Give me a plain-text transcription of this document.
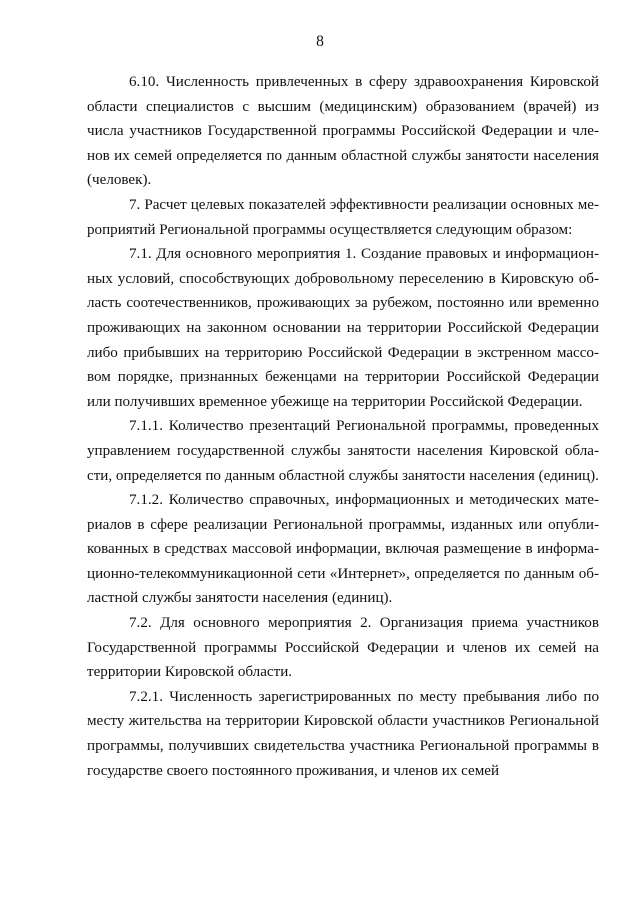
8

6.10. Численность привлеченных в сферу здравоохранения Кировской области специалистов с высшим (медицинским) образованием (врачей) из числа участников Государственной программы Российской Федерации и членов их семей определяется по данным областной службы занятости населения (человек).

7. Расчет целевых показателей эффективности реализации основных мероприятий Региональной программы осуществляется следующим образом:

7.1. Для основного мероприятия 1. Создание правовых и информационных условий, способствующих добровольному переселению в Кировскую область соотечественников, проживающих за рубежом, постоянно или временно проживающих на законном основании на территории Российской Федерации либо прибывших на территорию Российской Федерации в экстренном массовом порядке, признанных беженцами на территории Российской Федерации или получивших временное убежище на территории Российской Федерации.

7.1.1. Количество презентаций Региональной программы, проведенных управлением государственной службы занятости населения Кировской области, определяется по данным областной службы занятости населения (единиц).

7.1.2. Количество справочных, информационных и методических материалов в сфере реализации Региональной программы, изданных или опубликованных в средствах массовой информации, включая размещение в информационно-телекоммуникационной сети «Интернет», определяется по данным областной службы занятости населения (единиц).

7.2. Для основного мероприятия 2. Организация приема участников Государственной программы Российской Федерации и членов их семей на территории Кировской области.

7.2.1. Численность зарегистрированных по месту пребывания либо по месту жительства на территории Кировской области участников Региональной программы, получивших свидетельства участника Региональной программы в государстве своего постоянного проживания, и членов их семей
